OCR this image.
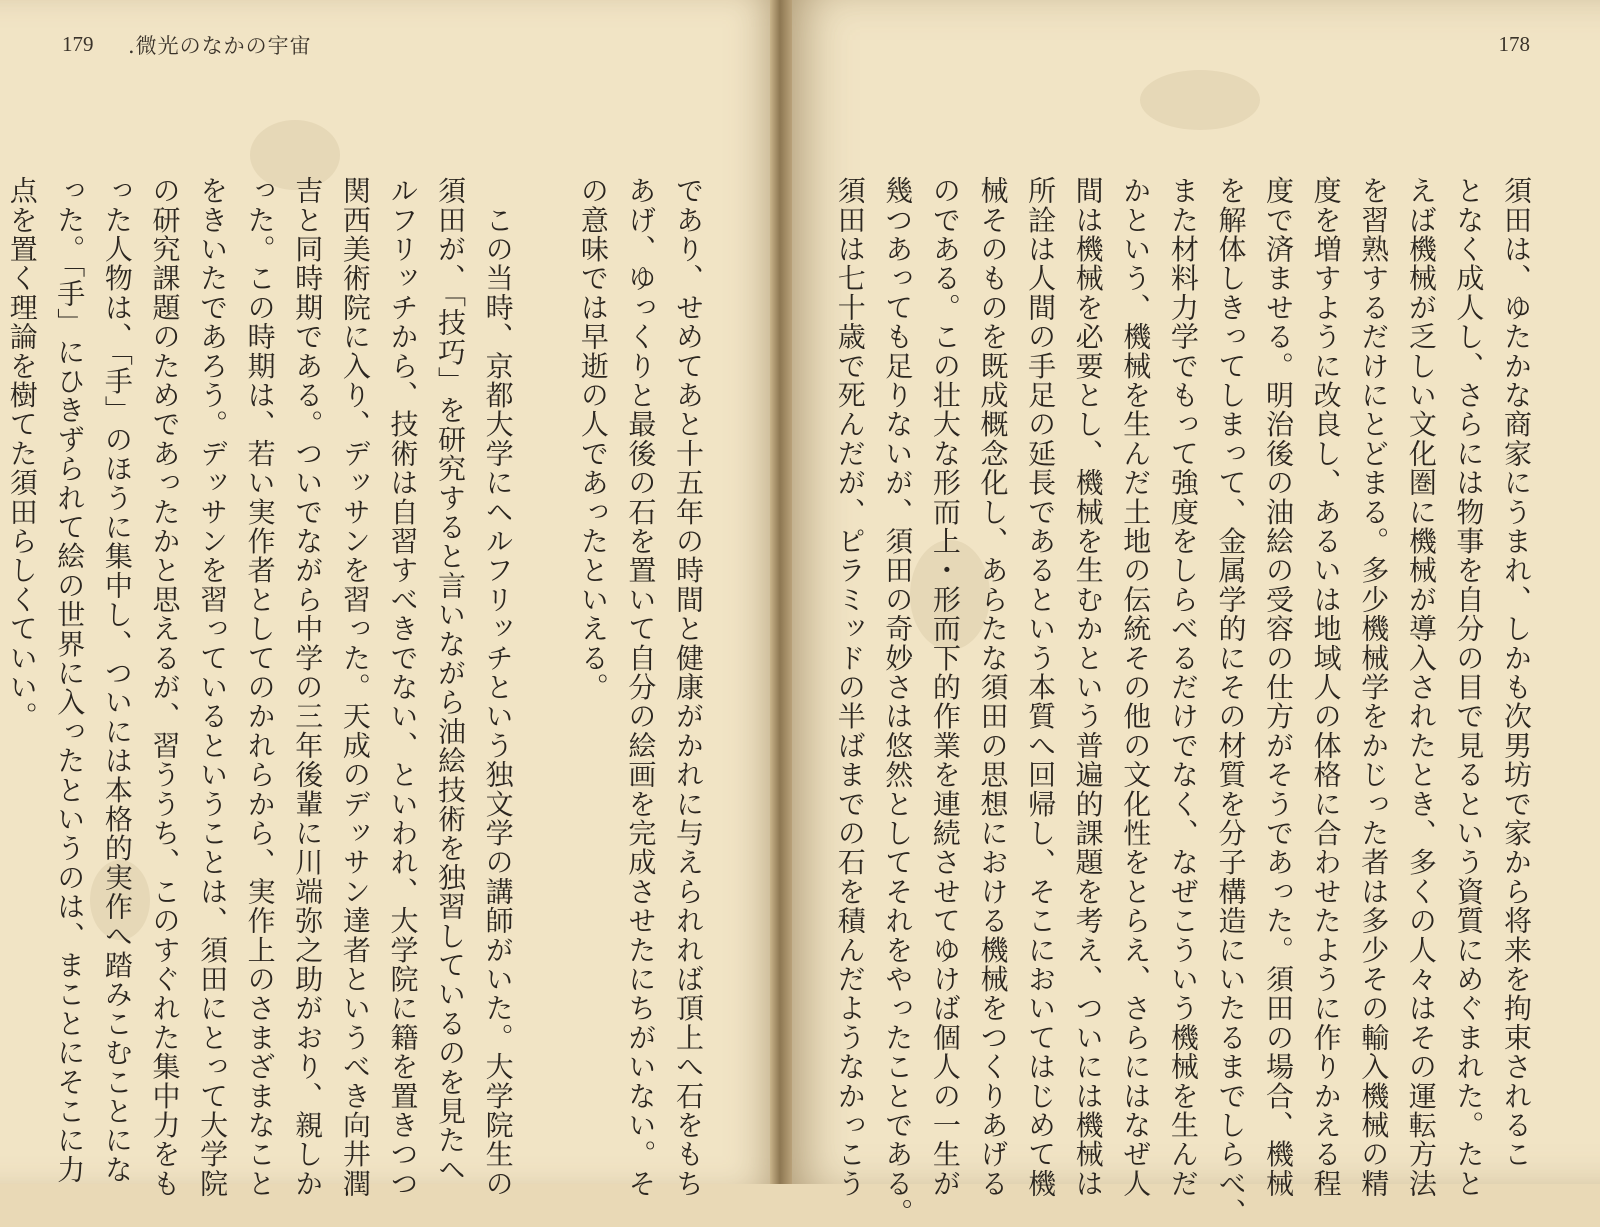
179 .微光のなかの宇宙

であり、せめてあと十五年の時間と健康がかれに与えられれば頂上へ石をもち

あげ、ゆっくりと最後の石を置いて自分の絵画を完成させたにちがいない。そ

の意味では早逝の人であったといえる。

　この当時、京都大学にヘルフリッチという独文学の講師がいた。大学院生の

須田が、「技巧」を研究すると言いながら油絵技術を独習しているのを見たヘ

ルフリッチから、技術は自習すべきでない、といわれ、大学院に籍を置きつつ

関西美術院に入り、デッサンを習った。天成のデッサン達者というべき向井潤

吉と同時期である。ついでながら中学の三年後輩に川端弥之助がおり、親しか

った。この時期は、若い実作者としてのかれらから、実作上のさまざまなこと

をきいたであろう。デッサンを習っているということは、須田にとって大学院

の研究課題のためであったかと思えるが、習ううち、このすぐれた集中力をも

った人物は、「手」のほうに集中し、ついには本格的実作へ踏みこむことにな

った。「手」にひきずられて絵の世界に入ったというのは、まことにそこに力

点を置く理論を樹てた須田らしくていい。

178

須田は、ゆたかな商家にうまれ、しかも次男坊で家から将来を拘束されるこ

となく成人し、さらには物事を自分の目で見るという資質にめぐまれた。たと

えば機械が乏しい文化圏に機械が導入されたとき、多くの人々はその運転方法

を習熟するだけにとどまる。多少機械学をかじった者は多少その輸入機械の精

度を増すように改良し、あるいは地域人の体格に合わせたように作りかえる程

度で済ませる。明治後の油絵の受容の仕方がそうであった。須田の場合、機械

を解体しきってしまって、金属学的にその材質を分子構造にいたるまでしらべ、

また材料力学でもって強度をしらべるだけでなく、なぜこういう機械を生んだ

かという、機械を生んだ土地の伝統その他の文化性をとらえ、さらにはなぜ人

間は機械を必要とし、機械を生むかという普遍的課題を考え、ついには機械は

所詮は人間の手足の延長であるという本質へ回帰し、そこにおいてはじめて機

械そのものを既成概念化し、あらたな須田の思想における機械をつくりあげる

のである。この壮大な形而上・形而下的作業を連続させてゆけば個人の一生が

幾つあっても足りないが、須田の奇妙さは悠然としてそれをやったことである。

須田は七十歳で死んだが、ピラミッドの半ばまでの石を積んだようなかっこう
